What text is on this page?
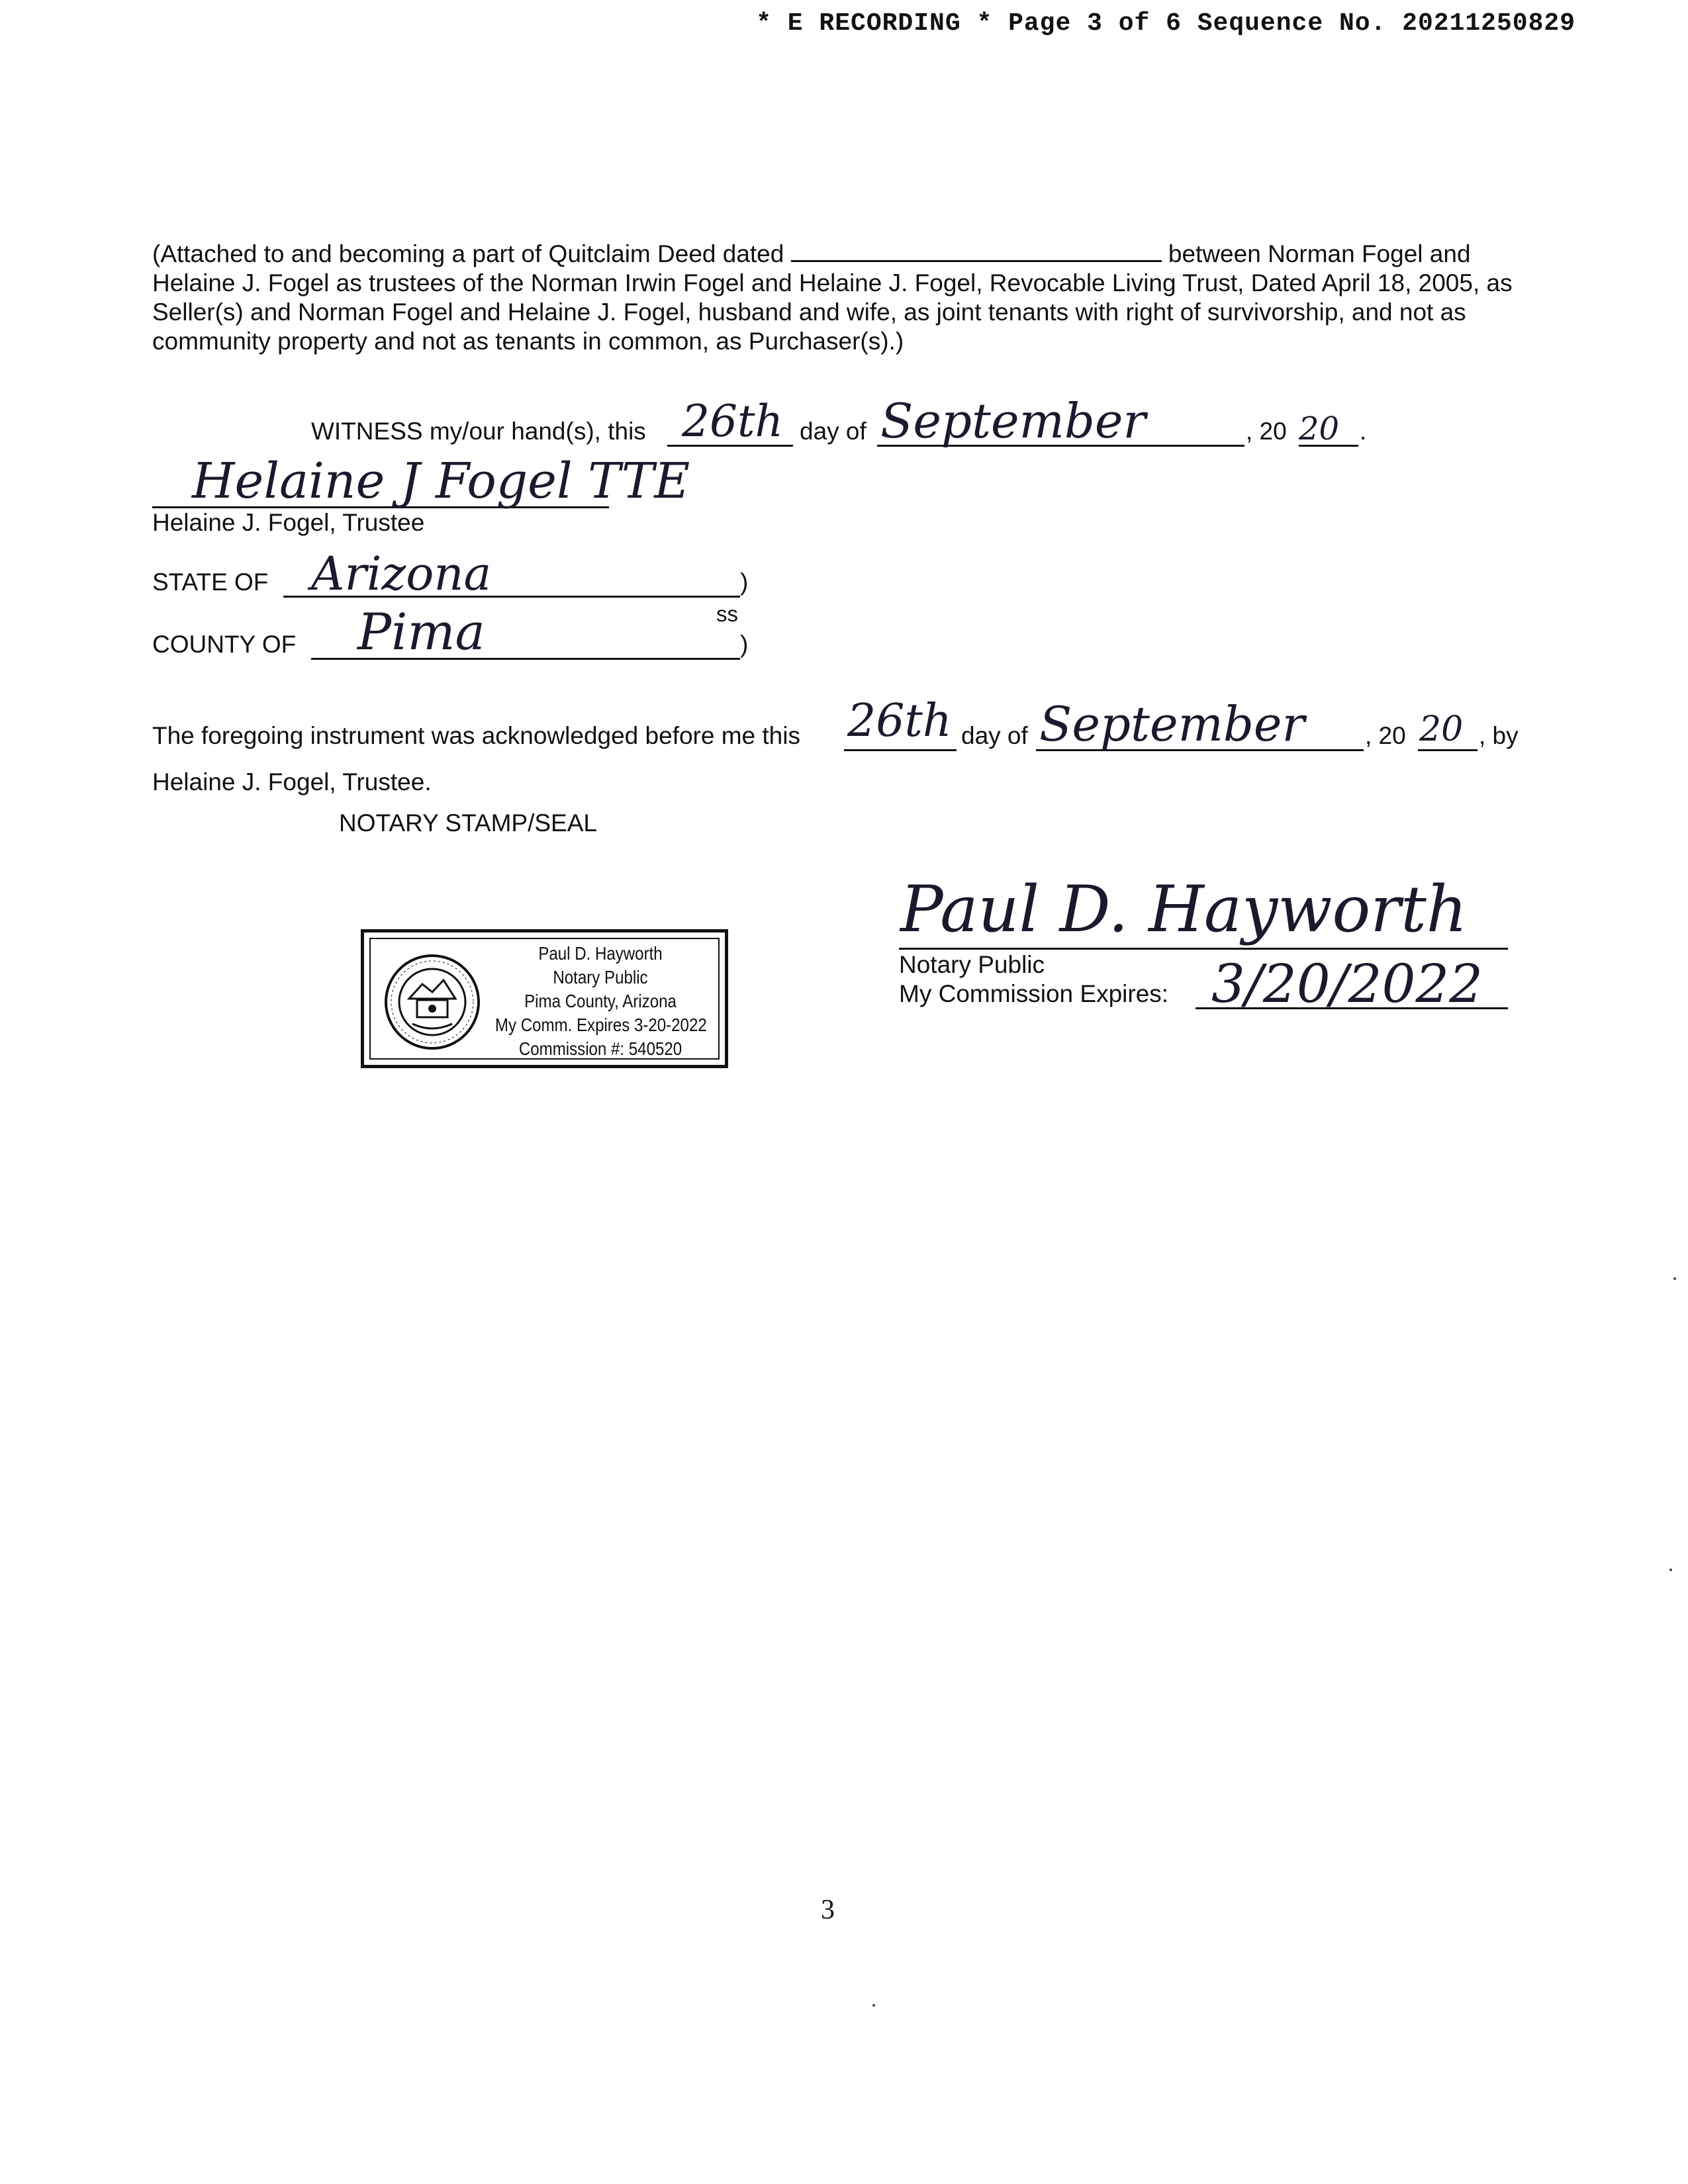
* E RECORDING * Page 3 of 6 Sequence No. 20211250829
(Attached to and becoming a part of Quitclaim Deed dated	between Norman Fogel and Helaine J. Fogel as trustees of the Norman Irwin Fogel and Helaine J. Fogel, Revocable Living Trust, Dated April 18, 2005, as Seller(s) and Norman Fogel and Helaine J. Fogel, husband and wife, as joint tenants with right of survivorship, and not as community property and not as tenants in common, as Purchaser(s).)
WITNESS my/our hand(s), this 26th day of September	, 20 20 .
Helaine J Fogel TTE
Helaine J. Fogel, Trustee
STATE OF Arizona	)
ss
COUNTY OF Pima	)
The foregoing instrument was acknowledged before me this 26th day of September , 20 20 , by
Helaine J. Fogel, Trustee.
NOTARY STAMP/SEAL
Paul D. Hayworth
Notary Public
Pima County, Arizona
My Comm. Expires 3-20-2022
Commission #: 540520
Paul D. Hayworth
Notary Public
My Commission Expires: 3/20/2022
3
